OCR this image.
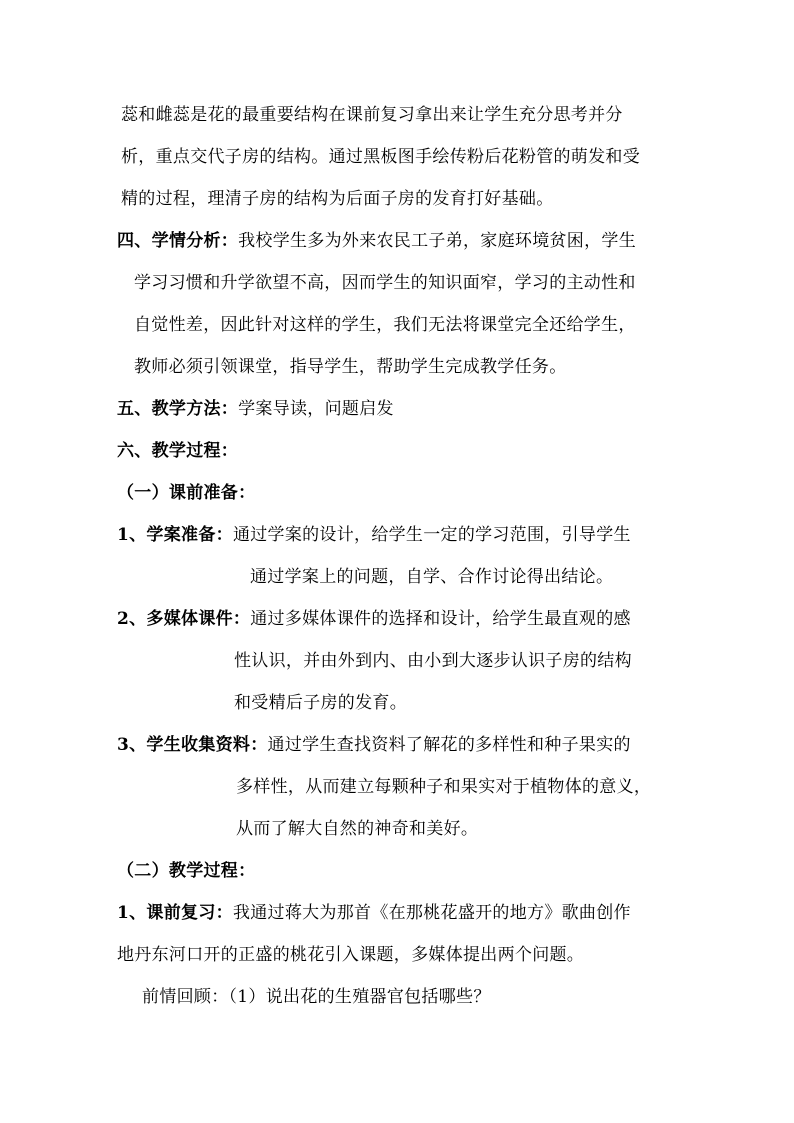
蕊和雌蕊是花的最重要结构在课前复习拿出来让学生充分思考并分
析，重点交代子房的结构。通过黑板图手绘传粉后花粉管的萌发和受
精的过程，理清子房的结构为后面子房的发育打好基础。
四、学情分析：我校学生多为外来农民工子弟，家庭环境贫困，学生
学习习惯和升学欲望不高，因而学生的知识面窄，学习的主动性和
自觉性差，因此针对这样的学生，我们无法将课堂完全还给学生，
教师必须引领课堂，指导学生，帮助学生完成教学任务。
五、教学方法：学案导读，问题启发
六、教学过程：
（一）课前准备：
1、学案准备：通过学案的设计，给学生一定的学习范围，引导学生
通过学案上的问题，自学、合作讨论得出结论。
2、多媒体课件：通过多媒体课件的选择和设计，给学生最直观的感
性认识，并由外到内、由小到大逐步认识子房的结构
和受精后子房的发育。
3、学生收集资料：通过学生查找资料了解花的多样性和种子果实的
多样性，从而建立每颗种子和果实对于植物体的意义，
从而了解大自然的神奇和美好。
（二）教学过程：
1、课前复习：我通过蒋大为那首《在那桃花盛开的地方》歌曲创作
地丹东河口开的正盛的桃花引入课题，多媒体提出两个问题。
前情回顾：（1）说出花的生殖器官包括哪些？
